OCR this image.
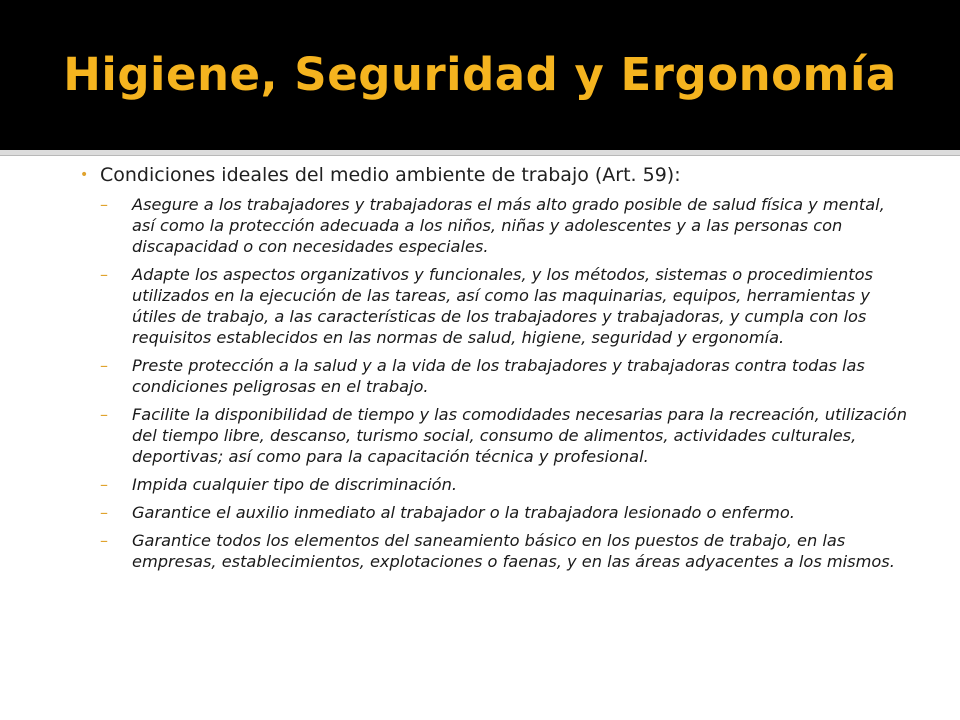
Higiene, Seguridad y Ergonomía
• Condiciones ideales del medio ambiente de trabajo (Art. 59):
– Asegure a los trabajadores y trabajadoras el más alto grado posible de salud física y mental, así como la protección adecuada a los niños, niñas y adolescentes y a las personas con discapacidad o con necesidades especiales.
– Adapte los aspectos organizativos y funcionales, y los métodos, sistemas o procedimientos utilizados en la ejecución de las tareas, así como las maquinarias, equipos, herramientas y útiles de trabajo, a las características de los trabajadores y trabajadoras, y cumpla con los requisitos establecidos en las normas de salud, higiene, seguridad y ergonomía.
– Preste protección a la salud y a la vida de los trabajadores y trabajadoras contra todas las condiciones peligrosas en el trabajo.
– Facilite la disponibilidad de tiempo y las comodidades necesarias para la recreación, utilización del tiempo libre, descanso, turismo social, consumo de alimentos, actividades culturales, deportivas; así como para la capacitación técnica y profesional.
– Impida cualquier tipo de discriminación.
– Garantice el auxilio inmediato al trabajador o la trabajadora lesionado o enfermo.
– Garantice todos los elementos del saneamiento básico en los puestos de trabajo, en las empresas, establecimientos, explotaciones o faenas, y en las áreas adyacentes a los mismos.
